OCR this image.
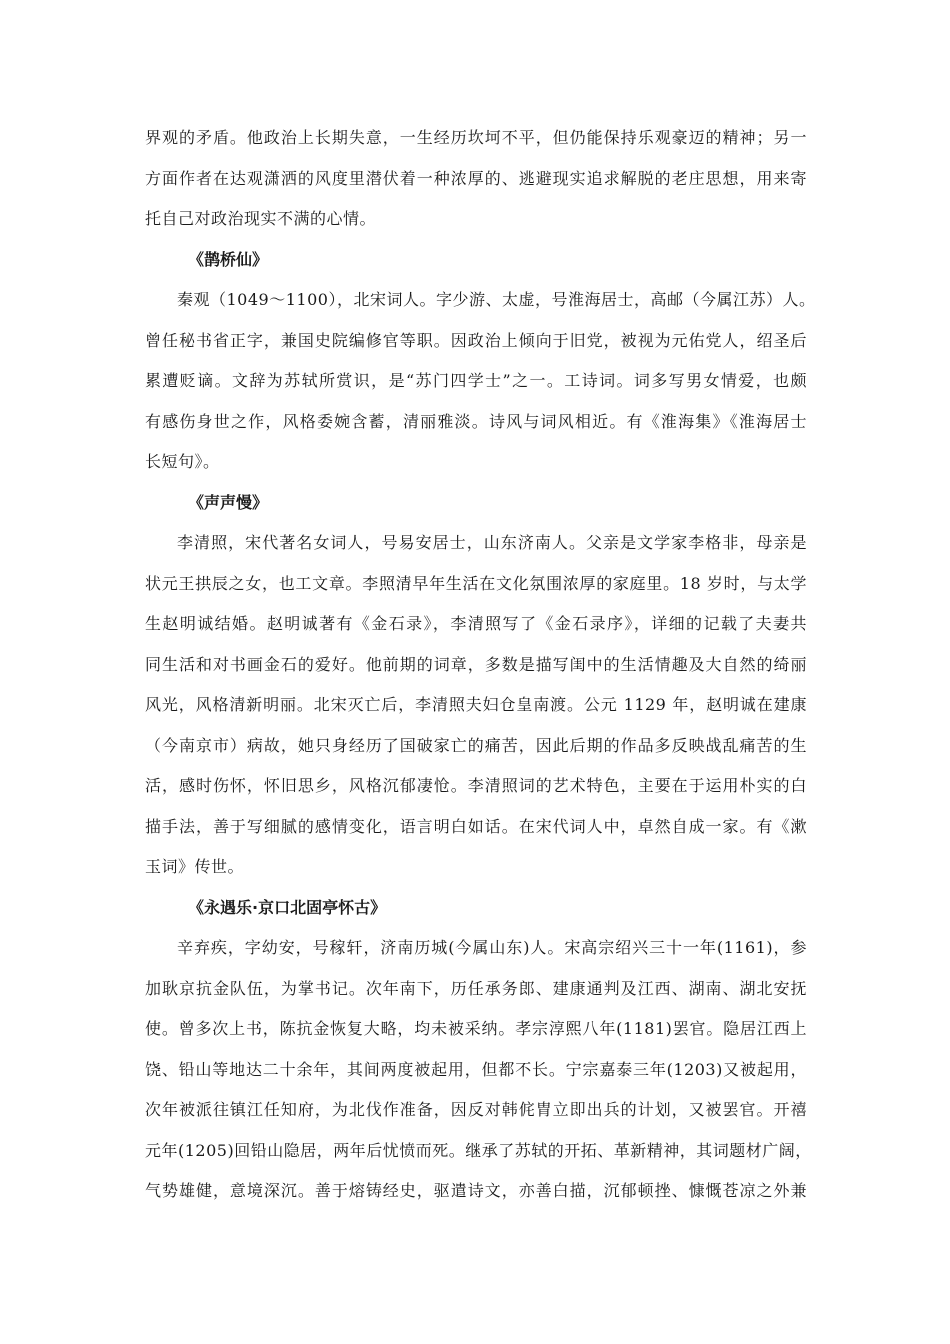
界观的矛盾。他政治上长期失意，一生经历坎坷不平，但仍能保持乐观豪迈的精神；另一
方面作者在达观潇洒的风度里潜伏着一种浓厚的、逃避现实追求解脱的老庄思想，用来寄
托自己对政治现实不满的心情。
《鹊桥仙》
秦观（1049～1100），北宋词人。字少游、太虚，号淮海居士，高邮（今属江苏）人。
曾任秘书省正字，兼国史院编修官等职。因政治上倾向于旧党，被视为元佑党人，绍圣后
累遭贬谪。文辞为苏轼所赏识，是“苏门四学士”之一。工诗词。词多写男女情爱，也颇
有感伤身世之作，风格委婉含蓄，清丽雅淡。诗风与词风相近。有《淮海集》《淮海居士
长短句》。
《声声慢》
李清照，宋代著名女词人，号易安居士，山东济南人。父亲是文学家李格非，母亲是
状元王拱辰之女，也工文章。李照清早年生活在文化氛围浓厚的家庭里。18 岁时，与太学
生赵明诚结婚。赵明诚著有《金石录》，李清照写了《金石录序》，详细的记载了夫妻共
同生活和对书画金石的爱好。他前期的词章，多数是描写闺中的生活情趣及大自然的绮丽
风光，风格清新明丽。北宋灭亡后，李清照夫妇仓皇南渡。公元 1129 年，赵明诚在建康
（今南京市）病故，她只身经历了国破家亡的痛苦，因此后期的作品多反映战乱痛苦的生
活，感时伤怀，怀旧思乡，风格沉郁凄怆。李清照词的艺术特色，主要在于运用朴实的白
描手法，善于写细腻的感情变化，语言明白如话。在宋代词人中，卓然自成一家。有《漱
玉词》传世。
《永遇乐·京口北固亭怀古》
辛弃疾，字幼安，号稼轩，济南历城(今属山东)人。宋高宗绍兴三十一年(1161)，参
加耿京抗金队伍，为掌书记。次年南下，历任承务郎、建康通判及江西、湖南、湖北安抚
使。曾多次上书，陈抗金恢复大略，均未被采纳。孝宗淳熙八年(1181)罢官。隐居江西上
饶、铅山等地达二十余年，其间两度被起用，但都不长。宁宗嘉泰三年(1203)又被起用，
次年被派往镇江任知府，为北伐作准备，因反对韩侂胄立即出兵的计划，又被罢官。开禧
元年(1205)回铅山隐居，两年后忧愤而死。继承了苏轼的开拓、革新精神，其词题材广阔，
气势雄健，意境深沉。善于熔铸经史，驱遣诗文，亦善白描，沉郁顿挫、慷慨苍凉之外兼
